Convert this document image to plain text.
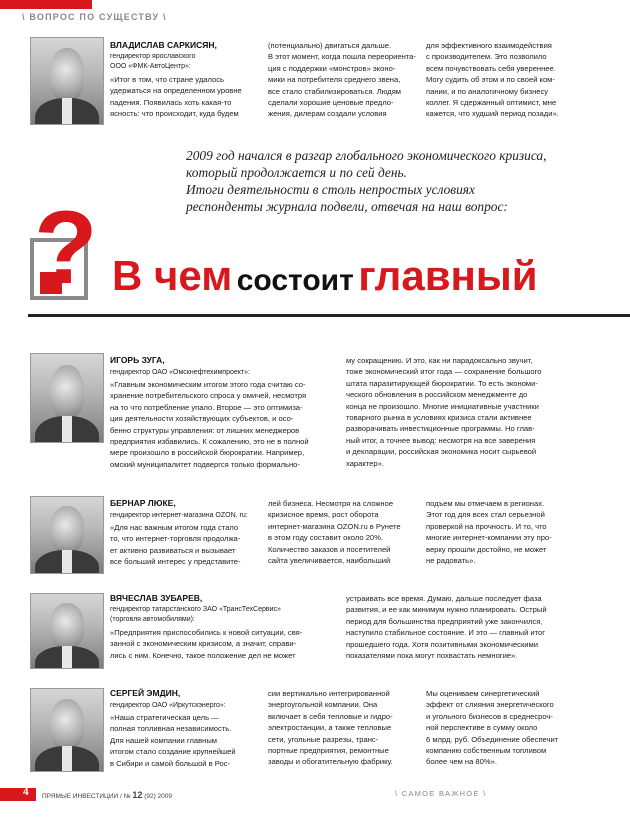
\ ВОПРОС ПО СУЩЕСТВУ \
ВЛАДИСЛАВ САРКИСЯН,
гендиректор ярославского
ООО «ФМК-АвтоЦентр»:

«Итог в том, что стране удалось

удержаться на определенном уровне

падения. Появилась хоть какая-то

ясность: что происходит, куда будем

(потенциально) двигаться дальше.

В этот момент, когда пошла переориента-

ция с поддержки «монстров» эконо-

мики на потребителя среднего звена,

все стало стабилизироваться. Людям

сделали хорошие ценовые предло-

жения, дилерам создали условия

для эффективного взаимодействия

с производителем. Это позволило

всем почувствовать себя увереннее.

Могу судить об этом и по своей ком-

пании, и по аналогичному бизнесу

коллег. Я сдержанный оптимист, мне

кажется, что худший период позади».

2009 год начался в разгар глобального экономического кризиса,
который продолжается и по сей день.
Итоги деятельности в столь непростых условиях
респонденты журнала подвели, отвечая на наш вопрос:
? В чем состоит главный
ИГОРЬ ЗУГА,
гендиректор ОАО «Омскнефтехимпроект»:

«Главным экономическим итогом этого года считаю со-

хранение потребительского спроса у омичей, несмотря

на то что потребление упало. Второе — это оптимиза-

ция деятельности хозяйствующих субъектов, и осо-

бенно структуры управления: от лишних менеджеров

предприятия избавились. К сожалению, это не в полной

мере произошло в российской бюрократии. Например,

омский муниципалитет подвергся только формально-

му сокращению. И это, как ни парадоксально звучит,

тоже экономический итог года — сохранение большого

штата паразитирующей бюрократии. То есть экономи-

ческого обновления в российском менеджменте до

конца не произошло. Многие инициативные участники

товарного рынка в условиях кризиса стали активнее

разворачивать инвестиционные программы. Но глав-

ный итог, а точнее вывод: несмотря на все заверения

и декларации, российская экономика носит сырьевой

характер».

БЕРНАР ЛЮКЕ,
гендиректор интернет-магазина OZON. ru:

«Для нас важным итогом года стало

то, что интернет-торговля продолжа-

ет активно развиваться и вызывает

все больший интерес у представите-

лей бизнеса. Несмотря на сложное

кризисное время, рост оборота

интернет-магазина OZON.ru в Рунете

в этом году составит около 20%.

Количество заказов и посетителей

сайта увеличивается, наибольший

подъем мы отмечаем в регионах.

Этот год для всех стал серьезной

проверкой на прочность. И то, что

многие интернет-компании эту про-

верку прошли достойно, не может

не радовать».

ВЯЧЕСЛАВ ЗУБАРЕВ,
гендиректор татарстанского ЗАО «ТрансТехСервис»
(торговля автомобилями):

«Предприятия приспособились к новой ситуации, свя-

занной с экономическим кризисом, а значит, справи-

лись с ним. Конечно, такое положение дел не может

устраивать все время. Думаю, дальше последует фаза

развития, и ее как минимум нужно планировать. Острый

период для большинства предприятий уже закончился,

наступило стабильное состояние. И это — главный итог

прошедшего года. Хотя позитивными экономическими

показателями пока могут похвастать немногие».

СЕРГЕЙ ЭМДИН,
гендиректор ОАО «Иркутскэнерго»:

«Наша стратегическая цель —

полная топливная независимость.

Для нашей компании главным

итогом стало создание крупнейшей

в Сибири и самой большой в Рос-

сии вертикально интегрированной

энергоугольной компании. Она

включает в себя тепловые и гидро-

электростанции, а также тепловые

сети, угольные разрезы, транс-

портные предприятия, ремонтные

заводы и обогатительную фабрику.

Мы оцениваем синергетический

эффект от слияния энергетического

и угольного бизнесов в среднесроч-

ной перспективе в сумму около

6 млрд. руб. Объединение обеспечит

компанию собственным топливом

более чем на 80%».

4 ПРЯМЫЕ ИНВЕСТИЦИИ / № 12 (92) 2009	\ САМОЕ ВАЖНОЕ \
